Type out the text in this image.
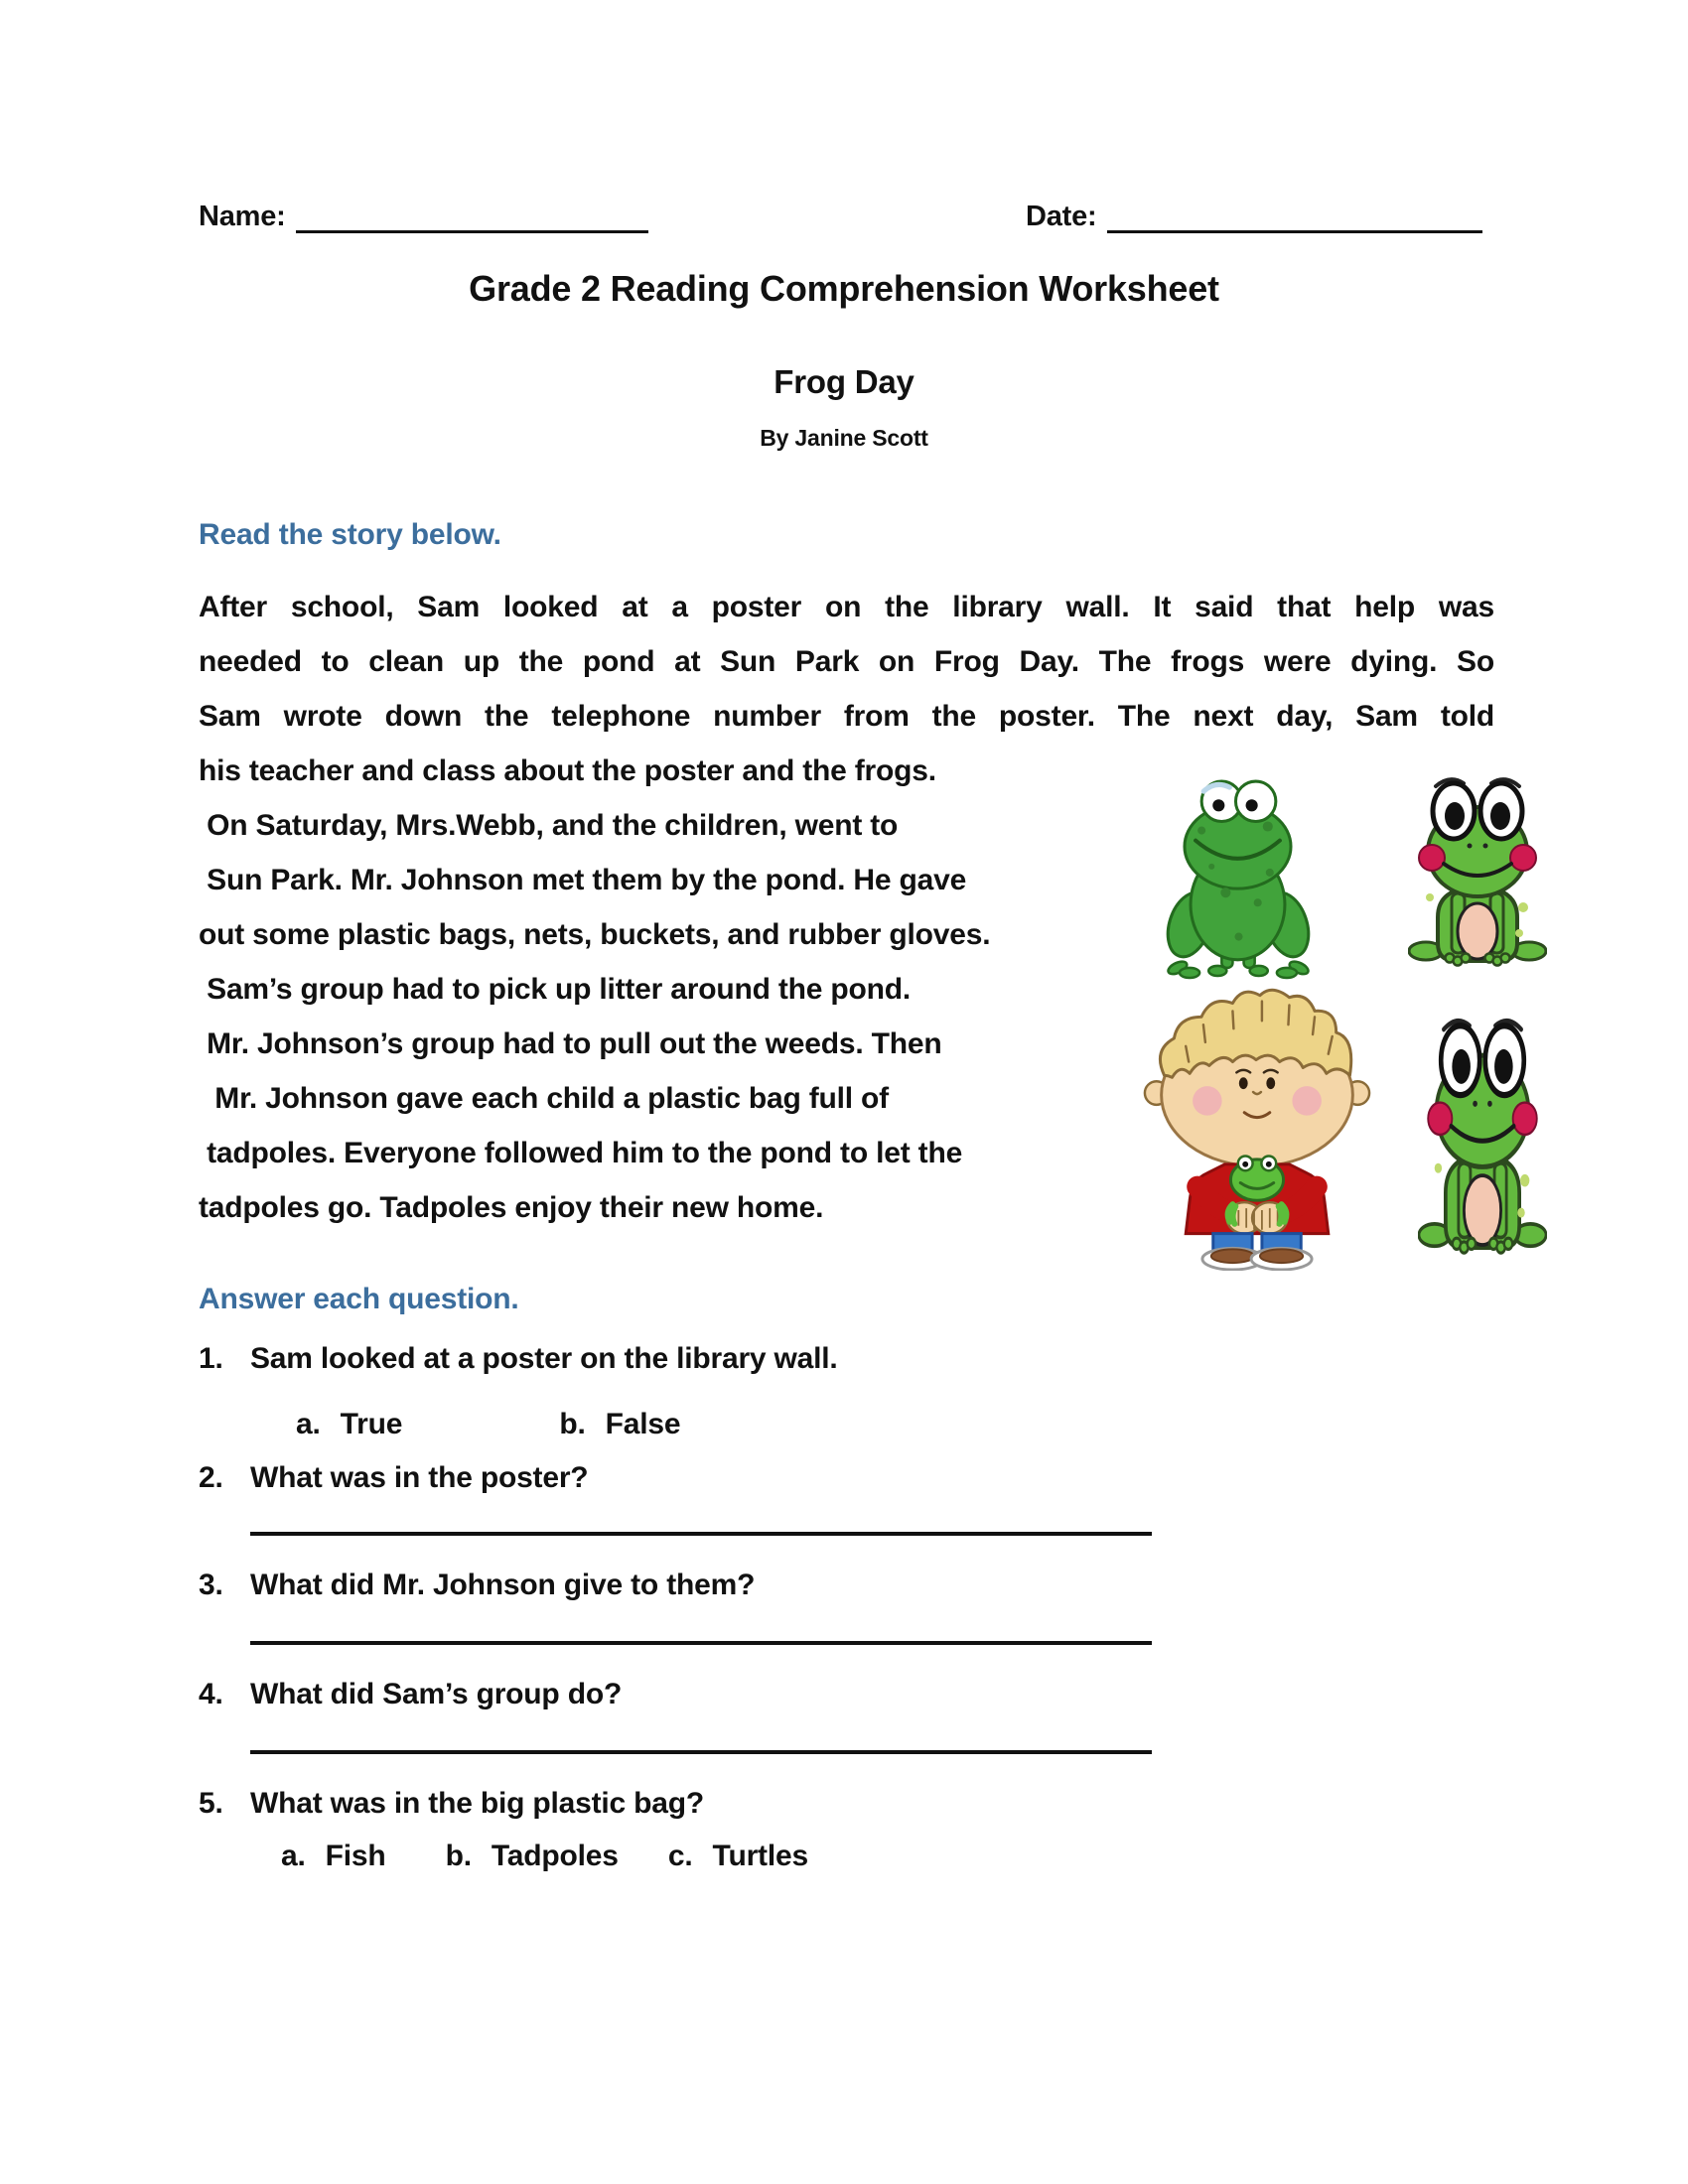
Name:	Date:
Grade 2 Reading Comprehension Worksheet
Frog Day
By Janine Scott
Read the story below.
After school, Sam looked at a poster on the library wall. It said that help was
needed to clean up the pond at Sun Park on Frog Day. The frogs were dying. So
Sam wrote down the telephone number from the poster. The next day, Sam told
his teacher and class about the poster and the frogs.
On Saturday, Mrs.Webb, and the children, went to
Sun Park. Mr. Johnson met them by the pond. He gave
out some plastic bags, nets, buckets, and rubber gloves.
Sam’s group had to pick up litter around the pond.
Mr. Johnson’s group had to pull out the weeds. Then
Mr. Johnson gave each child a plastic bag full of
tadpoles. Everyone followed him to the pond to let the
tadpoles go. Tadpoles enjoy their new home.
Answer each question.
1. Sam looked at a poster on the library wall.
a. True	b. False
2. What was in the poster?
3. What did Mr. Johnson give to them?
4. What did Sam’s group do?
5. What was in the big plastic bag?
a. Fish b. Tadpoles c. Turtles
